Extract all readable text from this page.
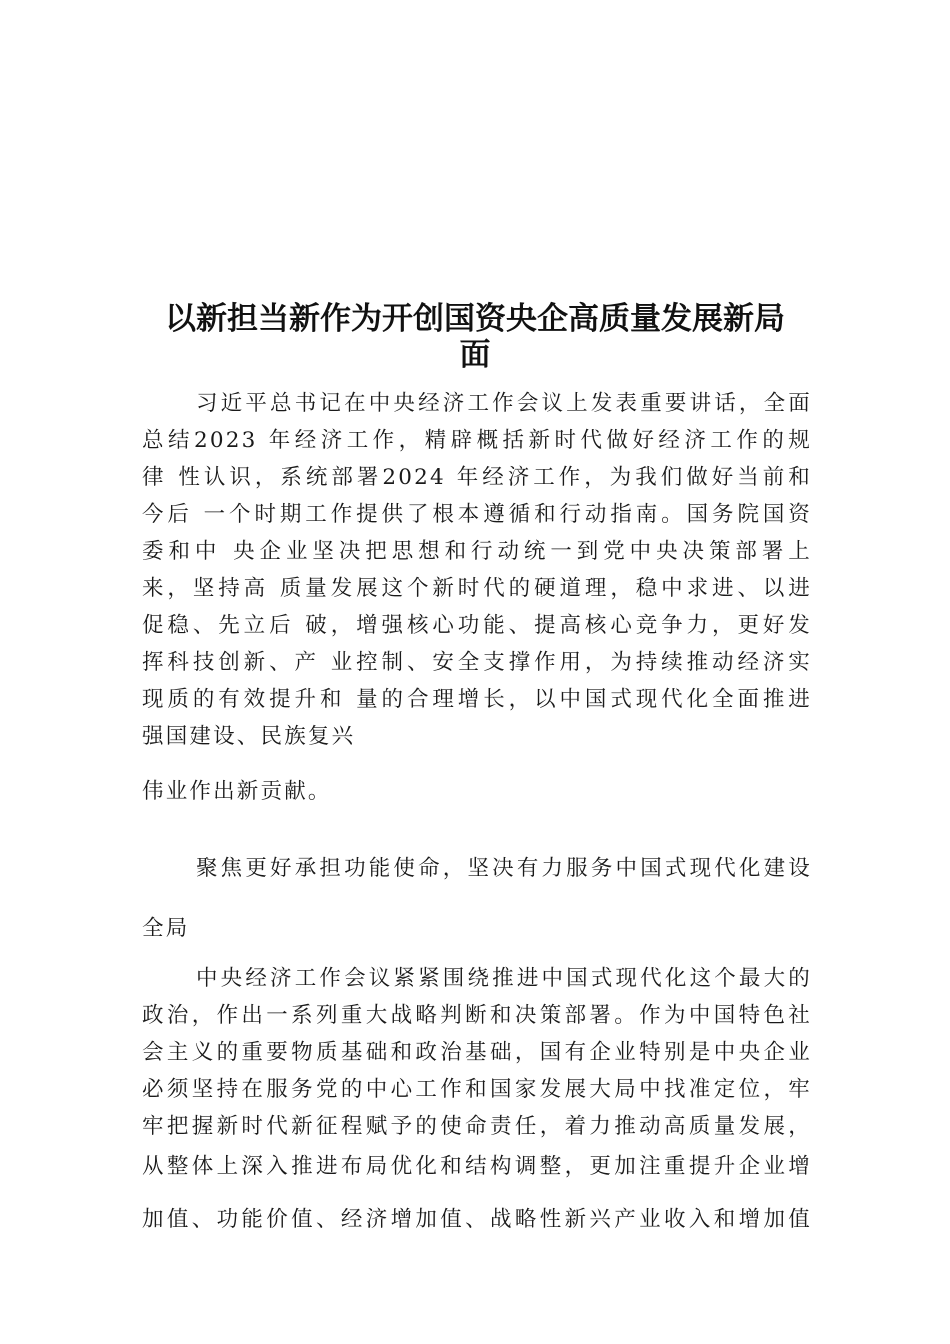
以新担当新作为开创国资央企高质量发展新局
面
习近平总书记在中央经济工作会议上发表重要讲话，全面
总结2023 年经济工作，精辟概括新时代做好经济工作的规
律 性认识，系统部署2024 年经济工作，为我们做好当前和
今后 一个时期工作提供了根本遵循和行动指南。国务院国资
委和中 央企业坚决把思想和行动统一到党中央决策部署上
来，坚持高 质量发展这个新时代的硬道理，稳中求进、以进
促稳、先立后 破，增强核心功能、提高核心竞争力，更好发
挥科技创新、产 业控制、安全支撑作用，为持续推动经济实
现质的有效提升和 量的合理增长，以中国式现代化全面推进
强国建设、民族复兴
伟业作出新贡献。
聚焦更好承担功能使命，坚决有力服务中国式现代化建设
全局
中央经济工作会议紧紧围绕推进中国式现代化这个最大的
政治，作出一系列重大战略判断和决策部署。作为中国特色社
会主义的重要物质基础和政治基础，国有企业特别是中央企业
必须坚持在服务党的中心工作和国家发展大局中找准定位，牢
牢把握新时代新征程赋予的使命责任，着力推动高质量发展，
从整体上深入推进布局优化和结构调整，更加注重提升企业增
加值、功能价值、经济增加值、战略性新兴产业收入和增加值
